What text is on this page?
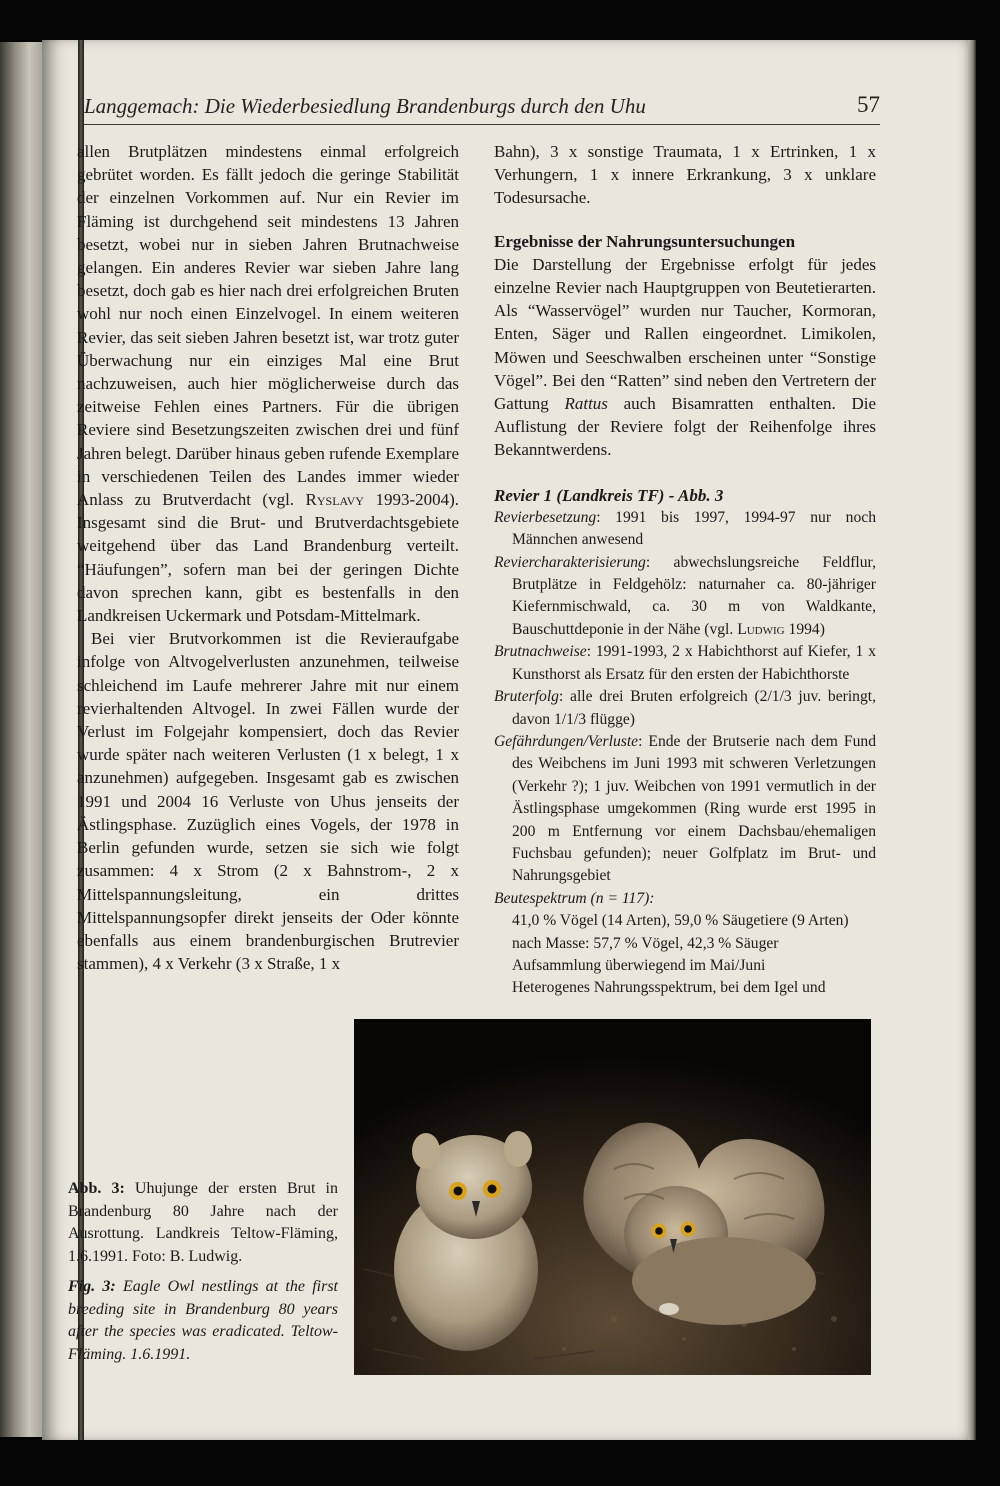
Langgemach: Die Wiederbesiedlung Brandenburgs durch den Uhu	57

allen Brutplätzen mindestens einmal erfolgreich gebrütet worden. Es fällt jedoch die geringe Stabilität der einzelnen Vorkommen auf. Nur ein Revier im Fläming ist durchgehend seit mindestens 13 Jahren besetzt, wobei nur in sieben Jahren Brutnachweise gelangen. Ein anderes Revier war sieben Jahre lang besetzt, doch gab es hier nach drei erfolgreichen Bruten wohl nur noch einen Einzelvogel. In einem weiteren Revier, das seit sieben Jahren besetzt ist, war trotz guter Überwachung nur ein einziges Mal eine Brut nachzuweisen, auch hier möglicherweise durch das zeitweise Fehlen eines Partners. Für die übrigen Reviere sind Besetzungszeiten zwischen drei und fünf Jahren belegt. Darüber hinaus geben rufende Exemplare in verschiedenen Teilen des Landes immer wieder Anlass zu Brutverdacht (vgl. Ryslavy 1993-2004). Insgesamt sind die Brut- und Brutverdachtsgebiete weitgehend über das Land Brandenburg verteilt. “Häufungen”, sofern man bei der geringen Dichte davon sprechen kann, gibt es bestenfalls in den Landkreisen Uckermark und Potsdam-Mittelmark.

Bei vier Brutvorkommen ist die Revieraufgabe infolge von Altvogelverlusten anzunehmen, teilweise schleichend im Laufe mehrerer Jahre mit nur einem revierhaltenden Altvogel. In zwei Fällen wurde der Verlust im Folgejahr kompensiert, doch das Revier wurde später nach weiteren Verlusten (1 x belegt, 1 x anzunehmen) aufgegeben. Insgesamt gab es zwischen 1991 und 2004 16 Verluste von Uhus jenseits der Ästlingsphase. Zuzüglich eines Vogels, der 1978 in Berlin gefunden wurde, setzen sie sich wie folgt zusammen: 4 x Strom (2 x Bahnstrom-, 2 x Mittelspannungsleitung, ein drittes Mittelspannungsopfer direkt jenseits der Oder könnte ebenfalls aus einem brandenburgischen Brutrevier stammen), 4 x Verkehr (3 x Straße, 1 x

Bahn), 3 x sonstige Traumata, 1 x Ertrinken, 1 x Verhungern, 1 x innere Erkrankung, 3 x unklare Todesursache.

Ergebnisse der Nahrungsuntersuchungen

Die Darstellung der Ergebnisse erfolgt für jedes einzelne Revier nach Hauptgruppen von Beutetierarten. Als “Wasservögel” wurden nur Taucher, Kormoran, Enten, Säger und Rallen eingeordnet. Limikolen, Möwen und Seeschwalben erscheinen unter “Sonstige Vögel”. Bei den “Ratten” sind neben den Vertretern der Gattung Rattus auch Bisamratten enthalten. Die Auflistung der Reviere folgt der Reihenfolge ihres Bekanntwerdens.

Revier 1 (Landkreis TF) - Abb. 3

Revierbesetzung: 1991 bis 1997, 1994-97 nur noch Männchen anwesend

Reviercharakterisierung: abwechslungsreiche Feldflur, Brutplätze in Feldgehölz: naturnaher ca. 80-jähriger Kiefernmischwald, ca. 30 m von Waldkante, Bauschuttdeponie in der Nähe (vgl. Ludwig 1994)

Brutnachweise: 1991-1993, 2 x Habichthorst auf Kiefer, 1 x Kunsthorst als Ersatz für den ersten der Habichthorste

Bruterfolg: alle drei Bruten erfolgreich (2/1/3 juv. beringt, davon 1/1/3 flügge)

Gefährdungen/Verluste: Ende der Brutserie nach dem Fund des Weibchens im Juni 1993 mit schweren Verletzungen (Verkehr ?); 1 juv. Weibchen von 1991 vermutlich in der Ästlingsphase umgekommen (Ring wurde erst 1995 in 200 m Entfernung vor einem Dachsbau/ehemaligen Fuchsbau gefunden); neuer Golfplatz im Brut- und Nahrungsgebiet

Beutespektrum (n = 117):

41,0 % Vögel (14 Arten), 59,0 % Säugetiere (9 Arten)

nach Masse: 57,7 % Vögel, 42,3 % Säuger

Aufsammlung überwiegend im Mai/Juni

Heterogenes Nahrungsspektrum, bei dem Igel und

Abb. 3: Uhujunge der ersten Brut in Brandenburg 80 Jahre nach der Ausrottung. Landkreis Teltow-Fläming, 1.6.1991. Foto: B. Ludwig.

Fig. 3: Eagle Owl nestlings at the first breeding site in Brandenburg 80 years after the species was eradicated. Teltow-Fläming. 1.6.1991.
